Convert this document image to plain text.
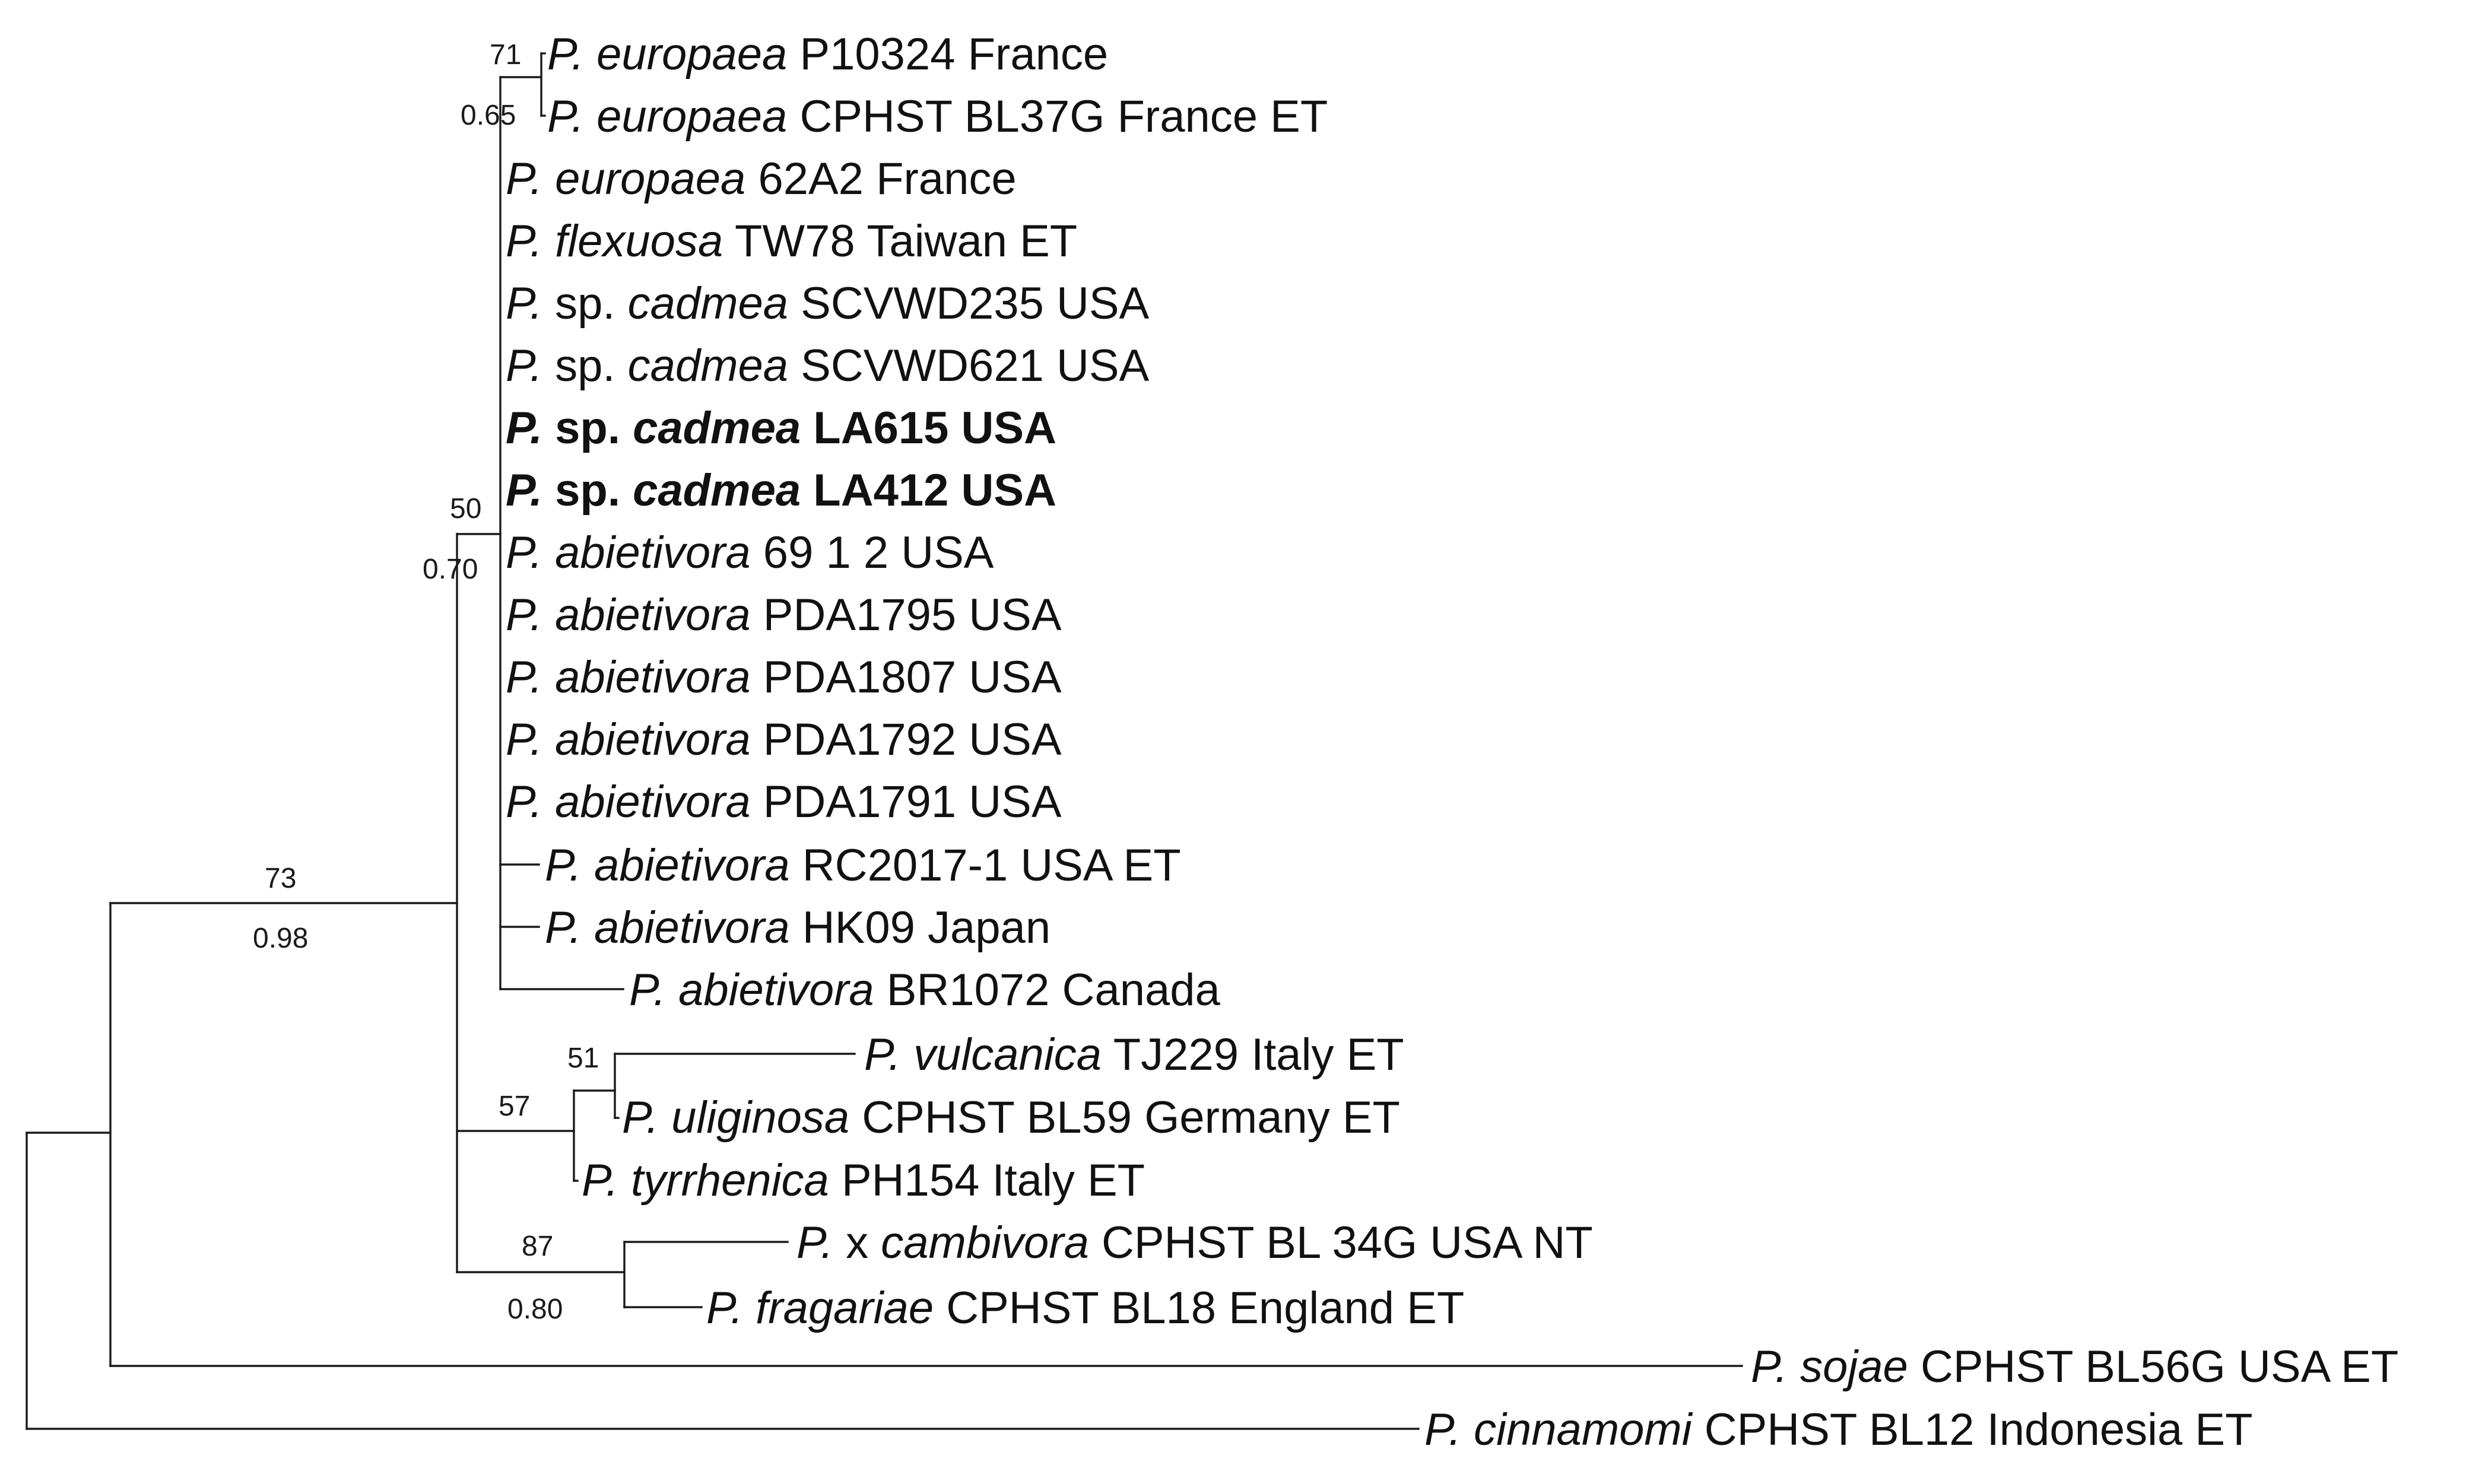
P. europaea P10324 France
P. europaea CPHST BL37G France ET
P. europaea 62A2 France
P. flexuosa TW78 Taiwan ET
P. sp. cadmea SCVWD235 USA
P. sp. cadmea SCVWD621 USA
P. sp. cadmea LA615 USA
P. sp. cadmea LA412 USA
P. abietivora 69 1 2 USA
P. abietivora PDA1795 USA
P. abietivora PDA1807 USA
P. abietivora PDA1792 USA
P. abietivora PDA1791 USA
P. abietivora RC2017-1 USA ET
P. abietivora HK09 Japan
P. abietivora BR1072 Canada
P. vulcanica TJ229 Italy ET
P. uliginosa CPHST BL59 Germany ET
P. tyrrhenica PH154 Italy ET
P. x cambivora CPHST BL 34G USA NT
P. fragariae CPHST BL18 England ET
P. sojae CPHST BL56G USA ET
P. cinnamomi CPHST BL12 Indonesia ET
71
0.65
50
0.70
73
0.98
51
57
87
0.80
